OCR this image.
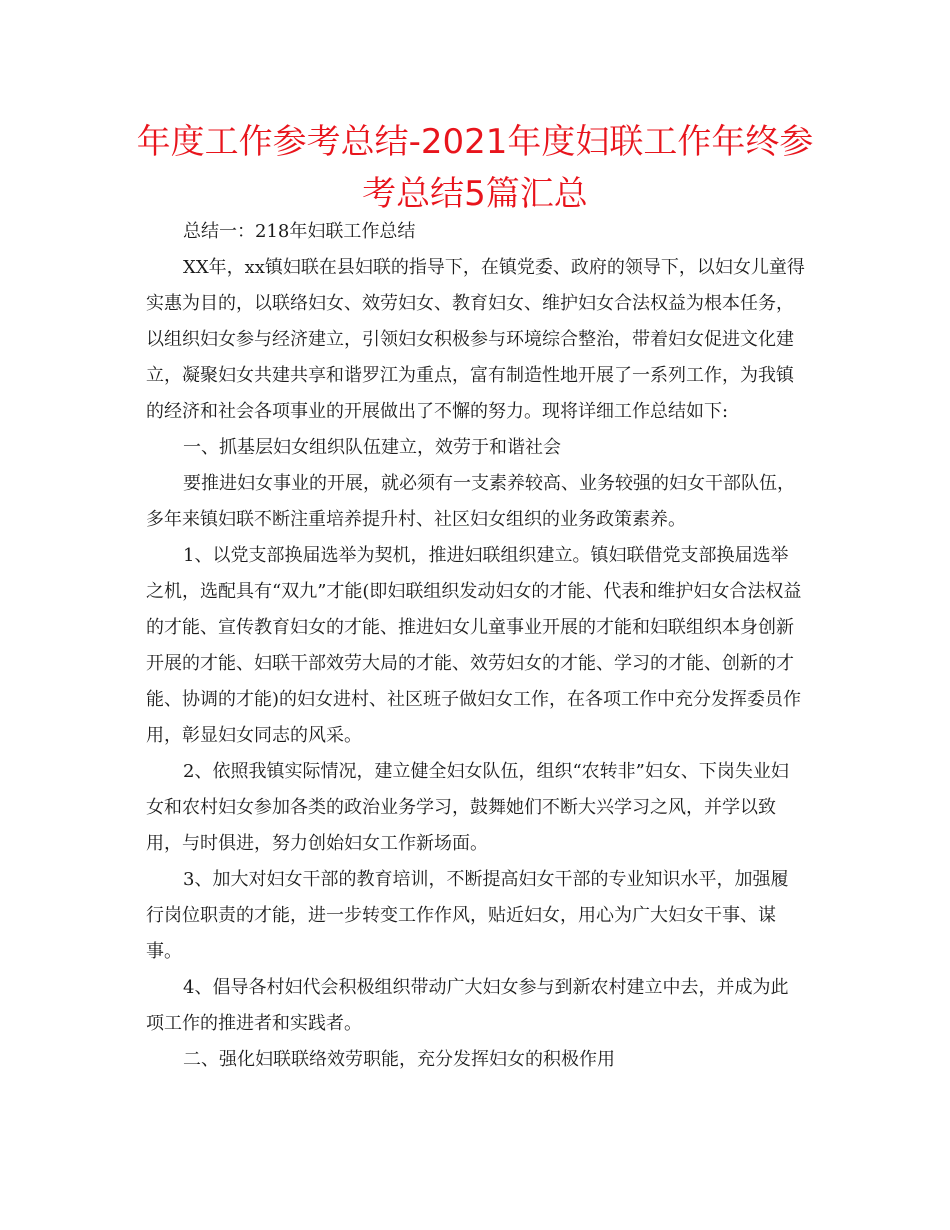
年度工作参考总结-2021年度妇联工作年终参考总结5篇汇总

总结一：218年妇联工作总结

XX年，xx镇妇联在县妇联的指导下，在镇党委、政府的领导下，以妇女儿童得实惠为目的，以联络妇女、效劳妇女、教育妇女、维护妇女合法权益为根本任务，以组织妇女参与经济建立，引领妇女积极参与环境综合整治，带着妇女促进文化建立，凝聚妇女共建共享和谐罗江为重点，富有制造性地开展了一系列工作，为我镇的经济和社会各项事业的开展做出了不懈的努力。现将详细工作总结如下:

一、抓基层妇女组织队伍建立，效劳于和谐社会

要推进妇女事业的开展，就必须有一支素养较高、业务较强的妇女干部队伍，多年来镇妇联不断注重培养提升村、社区妇女组织的业务政策素养。

1、以党支部换届选举为契机，推进妇联组织建立。镇妇联借党支部换届选举之机，选配具有“双九”才能(即妇联组织发动妇女的才能、代表和维护妇女合法权益的才能、宣传教育妇女的才能、推进妇女儿童事业开展的才能和妇联组织本身创新开展的才能、妇联干部效劳大局的才能、效劳妇女的才能、学习的才能、创新的才能、协调的才能)的妇女进村、社区班子做妇女工作，在各项工作中充分发挥委员作用，彰显妇女同志的风采。

2、依照我镇实际情况，建立健全妇女队伍，组织“农转非”妇女、下岗失业妇女和农村妇女参加各类的政治业务学习，鼓舞她们不断大兴学习之风，并学以致用，与时俱进，努力创始妇女工作新场面。

3、加大对妇女干部的教育培训，不断提高妇女干部的专业知识水平，加强履行岗位职责的才能，进一步转变工作作风，贴近妇女，用心为广大妇女干事、谋事。

4、倡导各村妇代会积极组织带动广大妇女参与到新农村建立中去，并成为此项工作的推进者和实践者。

二、强化妇联联络效劳职能，充分发挥妇女的积极作用
